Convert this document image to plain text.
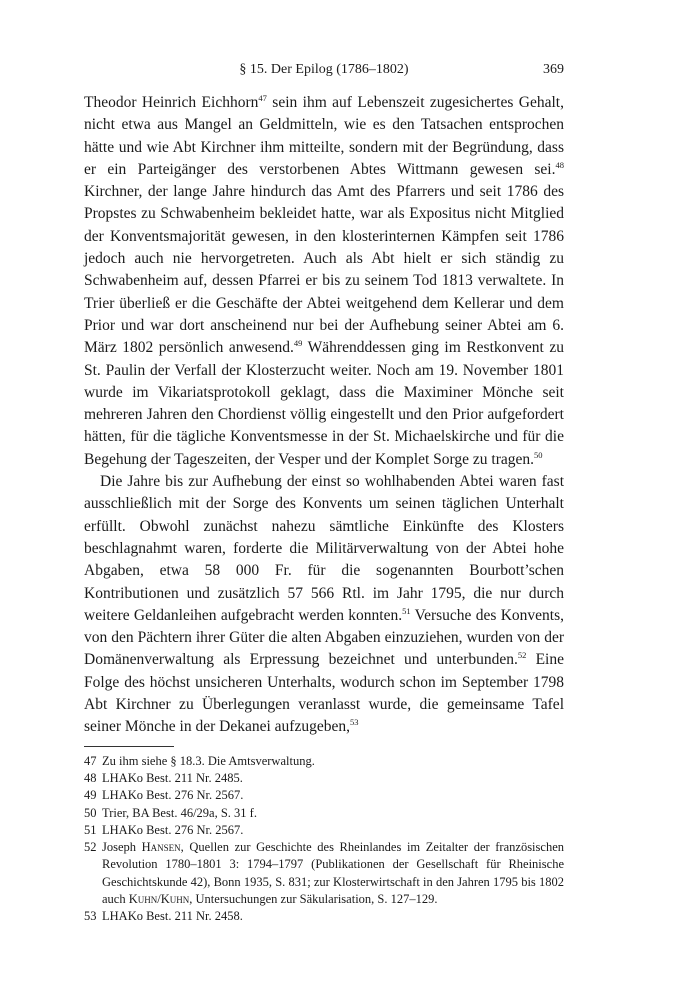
§ 15. Der Epilog (1786–1802)	369

Theodor Heinrich Eichhorn$^{47}$ sein ihm auf Lebenszeit zugesichertes Gehalt, nicht etwa aus Mangel an Geldmitteln, wie es den Tatsachen entsprochen hätte und wie Abt Kirchner ihm mitteilte, sondern mit der Begründung, dass er ein Parteigänger des verstorbenen Abtes Wittmann gewesen sei.$^{48}$ Kirchner, der lange Jahre hindurch das Amt des Pfarrers und seit 1786 des Propstes zu Schwabenheim bekleidet hatte, war als Expositus nicht Mitglied der Konventsmajorität gewesen, in den klosterinternen Kämpfen seit 1786 jedoch auch nie hervorgetreten. Auch als Abt hielt er sich ständig zu Schwabenheim auf, dessen Pfarrei er bis zu seinem Tod 1813 verwaltete. In Trier überließ er die Geschäfte der Abtei weitgehend dem Kellerar und dem Prior und war dort anscheinend nur bei der Aufhebung seiner Abtei am 6. März 1802 persönlich anwesend.$^{49}$ Währenddessen ging im Restkonvent zu St. Paulin der Verfall der Klosterzucht weiter. Noch am 19. November 1801 wurde im Vikariatsprotokoll geklagt, dass die Maximiner Mönche seit mehreren Jahren den Chordienst völlig eingestellt und den Prior aufgefordert hätten, für die tägliche Konventsmesse in der St. Michaelskirche und für die Begehung der Tageszeiten, der Vesper und der Komplet Sorge zu tragen.$^{50}$

Die Jahre bis zur Aufhebung der einst so wohlhabenden Abtei waren fast ausschließlich mit der Sorge des Konvents um seinen täglichen Unterhalt erfüllt. Obwohl zunächst nahezu sämtliche Einkünfte des Klosters beschlagnahmt waren, forderte die Militärverwaltung von der Abtei hohe Abgaben, etwa 58 000 Fr. für die sogenannten Bourbott’schen Kontributionen und zusätzlich 57 566 Rtl. im Jahr 1795, die nur durch weitere Geldanleihen aufgebracht werden konnten.$^{51}$ Versuche des Konvents, von den Pächtern ihrer Güter die alten Abgaben einzuziehen, wurden von der Domänenverwaltung als Erpressung bezeichnet und unterbunden.$^{52}$ Eine Folge des höchst unsicheren Unterhalts, wodurch schon im September 1798 Abt Kirchner zu Überlegungen veranlasst wurde, die gemeinsame Tafel seiner Mönche in der Dekanei aufzugeben,$^{53}$

47 Zu ihm siehe § 18.3. Die Amtsverwaltung.
48 LHAKo Best. 211 Nr. 2485.
49 LHAKo Best. 276 Nr. 2567.
50 Trier, BA Best. 46/29a, S. 31 f.
51 LHAKo Best. 276 Nr. 2567.
52 Joseph Hansen, Quellen zur Geschichte des Rheinlandes im Zeitalter der französischen Revolution 1780–1801 3: 1794–1797 (Publikationen der Gesellschaft für Rheinische Geschichtskunde 42), Bonn 1935, S. 831; zur Klosterwirtschaft in den Jahren 1795 bis 1802 auch Kuhn/Kuhn, Untersuchungen zur Säkularisation, S. 127–129.
53 LHAKo Best. 211 Nr. 2458.
